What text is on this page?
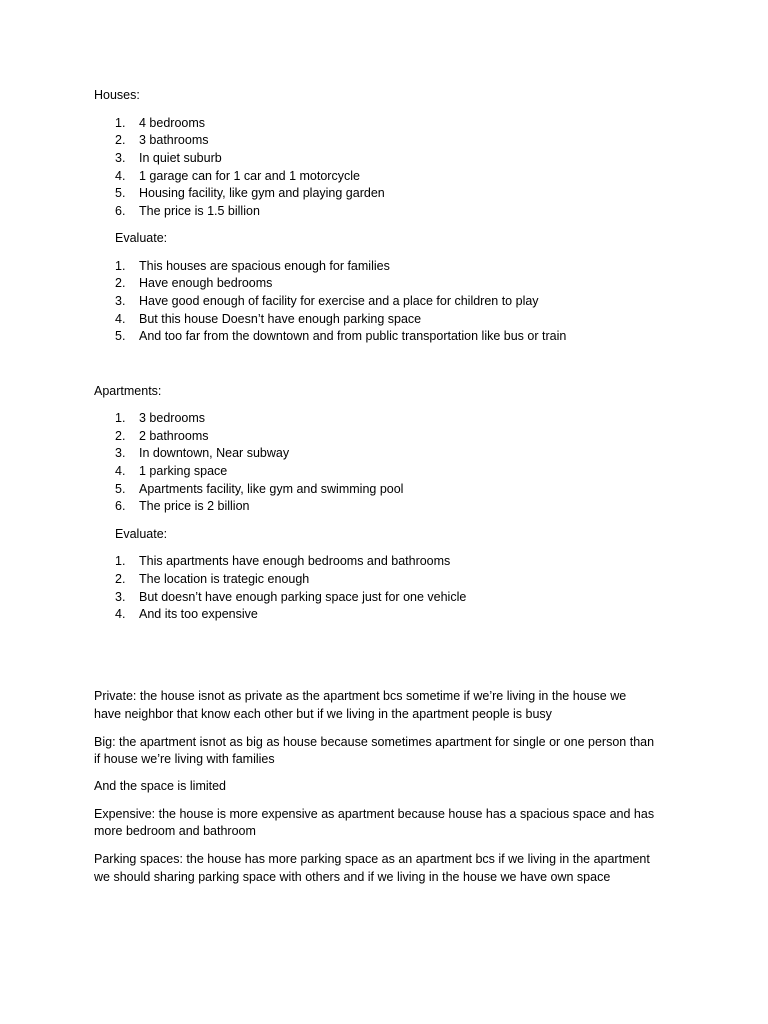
Houses:
1. 4 bedrooms
2. 3 bathrooms
3. In quiet suburb
4. 1 garage can for 1 car and 1 motorcycle
5. Housing facility, like gym and playing garden
6. The price is 1.5 billion
Evaluate:
1. This houses are spacious enough for families
2. Have enough bedrooms
3. Have good enough of facility for exercise and a place for children to play
4. But this house Doesn’t have enough parking space
5. And too far from the downtown and from public transportation like bus or train
Apartments:
1. 3 bedrooms
2. 2 bathrooms
3. In downtown, Near subway
4. 1 parking space
5. Apartments facility, like gym and swimming pool
6. The price is 2 billion
Evaluate:
1. This apartments have enough bedrooms and bathrooms
2. The location is trategic enough
3. But doesn’t have enough parking space just for one vehicle
4. And its too expensive
Private: the house isnot as private as the apartment bcs sometime if we’re living in the house we
have neighbor that know each other but if we living in the apartment people is busy
Big: the apartment isnot as big as house because sometimes apartment for single or one person than
if house we’re living with families
And the space is limited
Expensive: the house is more expensive as apartment because house has a spacious space and has
more bedroom and bathroom
Parking spaces: the house has more parking space as an apartment bcs if we living in the apartment
we should sharing parking space with others and if we living in the house we have own space
